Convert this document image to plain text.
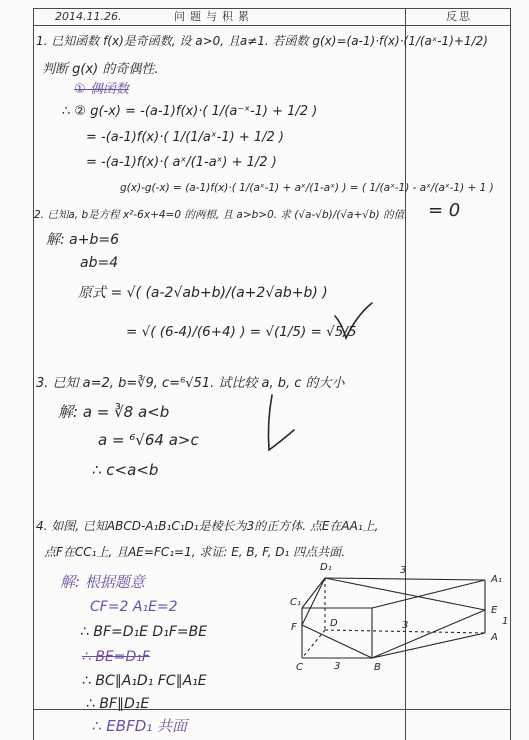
2014.11.26.	问题与积累	反思
1. 已知函数 f(x)是奇函数, 设 a>0, 且a≠1. 若函数 g(x)=(a-1)·f(x)·(1/(aˣ-1)+1/2)
判断 g(x) 的奇偶性.
① 偶函数
∴ ② g(-x) = -(a-1)f(x)·( 1/(a⁻ˣ-1) + 1/2 )
= -(a-1)f(x)·( 1/(1/aˣ-1) + 1/2 )
= -(a-1)f(x)·( aˣ/(1-aˣ) + 1/2 )
g(x)-g(-x) = (a-1)f(x)·( 1/(aˣ-1) + aˣ/(1-aˣ) ) = ( 1/(aˣ-1) - aˣ/(aˣ-1) + 1 )
2. 已知a, b是方程 x²-6x+4=0 的两根, 且 a>b>0. 求 (√a-√b)/(√a+√b) 的值.	= 0
解: a+b=6
ab=4
原式 = √( (a-2√ab+b)/(a+2√ab+b) )
= √( (6-4)/(6+4) ) = √(1/5) = √5/5
3. 已知 a=2, b=∛9, c=⁶√51. 试比较 a, b, c 的大小
解: a = ∛8 a<b
a = ⁶√64 a>c
∴ c<a<b
4. 如图, 已知ABCD-A₁B₁C₁D₁是棱长为3的正方体. 点E在AA₁上,
点F在CC₁上, 且AE=FC₁=1, 求证: E, B, F, D₁ 四点共面.
解: 根据题意
CF=2 A₁E=2
∴ BF=D₁E D₁F=BE
∴ BE=D₁F
∴ BC∥A₁D₁ FC∥A₁E
∴ BF∥D₁E
∴ EBFD₁ 共面
D₁	3
A₁
E
1
A
D	3
C₁
F
C	3	B
